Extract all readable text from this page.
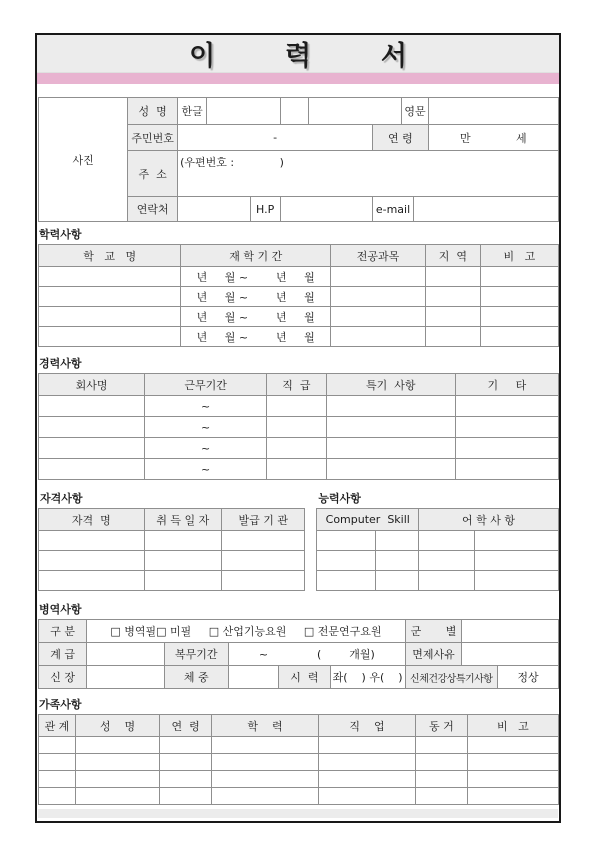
이  력  서
사진	성  명	한글						영문		
	주민번호	-					연 령			만             세
	주  소	(우편번호 :             )								
	연락처			H.P			e-mail			
학력사항
학   교   명	재 학 기 간	전공과목	지  역	비   고
	년     월 ~        년     월			
	년     월 ~        년     월			
	년     월 ~        년     월			
	년     월 ~        년     월			
경력사항
회사명	근무기간	직  급	특기  사항	기     타
	~			
	~			
	~			
	~			
자격사항
자격  명	취 득 일 자	발급 기 관

능력사항
Computer  Skill		어 학 사 항	

병역사항
구 분	□ 병역필□ 미필     □ 산업기능요원     □ 전문연구요원					군       별		
계 급		복무기간	~              (        개월)			면제사유		
신 장		체 중		시  력	좌(    ) 우(    )	신체건강상특기사항		정상
가족사항
관 계	성    명	연  령	학    력	직    업	동 거	비   고
